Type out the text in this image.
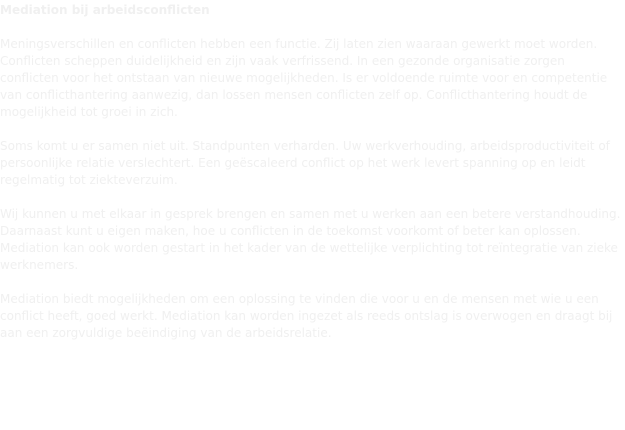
Mediation bij arbeidsconflicten

Meningsverschillen en conflicten hebben een functie. Zij laten zien waaraan gewerkt moet worden. Conflicten scheppen duidelijkheid en zijn vaak verfrissend. In een gezonde organisatie zorgen conflicten voor het ontstaan van nieuwe mogelijkheden. Is er voldoende ruimte voor en competentie van conflicthantering aanwezig, dan lossen mensen conflicten zelf op. Conflicthantering houdt de mogelijkheid tot groei in zich.

Soms komt u er samen niet uit. Standpunten verharden. Uw werkverhouding, arbeidsproductiviteit of persoonlijke relatie verslechtert. Een geëscaleerd conflict op het werk levert spanning op en leidt regelmatig tot ziekteverzuim.

Wij kunnen u met elkaar in gesprek brengen en samen met u werken aan een betere verstandhouding. Daarnaast kunt u eigen maken, hoe u conflicten in de toekomst voorkomt of beter kan oplossen. Mediation kan ook worden gestart in het kader van de wettelijke verplichting tot reïntegratie van zieke werknemers.

Mediation biedt mogelijkheden om een oplossing te vinden die voor u en de mensen met wie u een conflict heeft, goed werkt. Mediation kan worden ingezet als reeds ontslag is overwogen en draagt bij aan een zorgvuldige beëindiging van de arbeidsrelatie.
